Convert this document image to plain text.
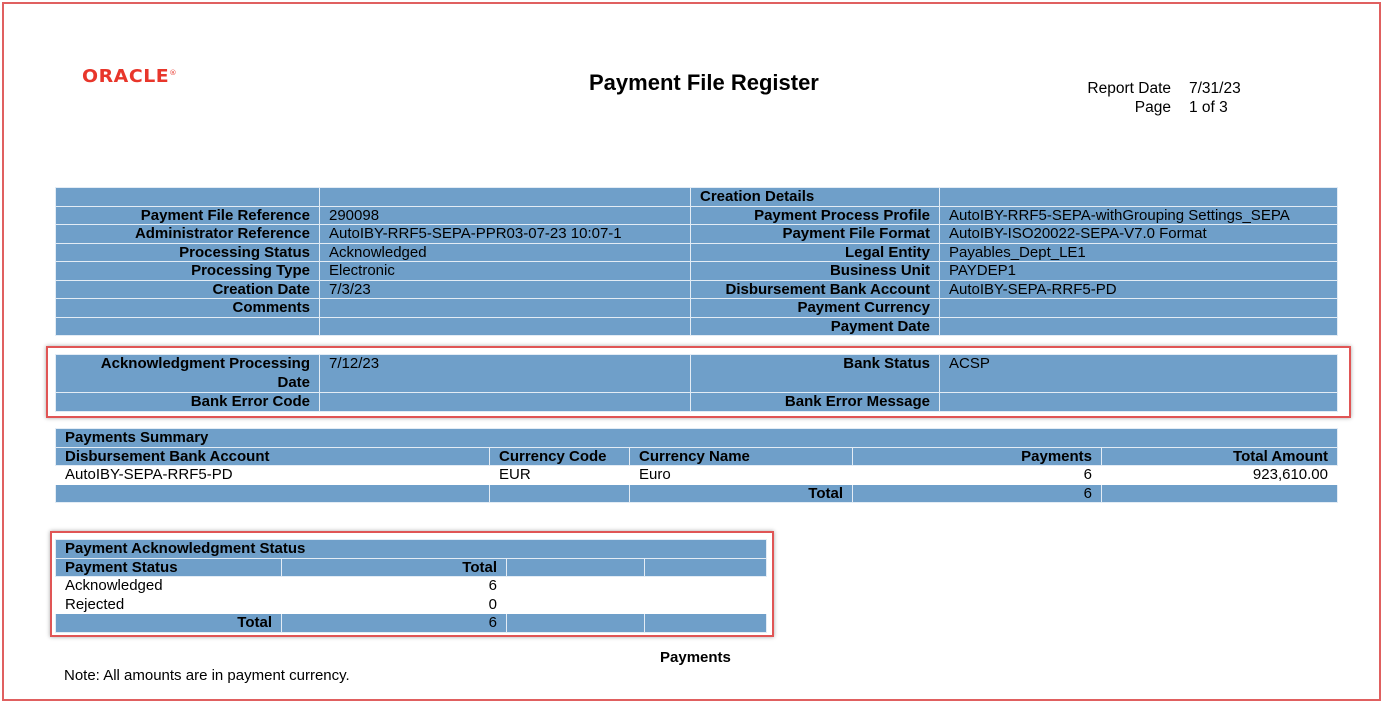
ORACLE®	Payment File Register	Report Date 7/31/23
Page 1 of 3
		Creation Details	
Payment File Reference	290098	Payment Process Profile	AutoIBY-RRF5-SEPA-withGrouping Settings_SEPA
Administrator Reference	AutoIBY-RRF5-SEPA-PPR03-07-23 10:07-1	Payment File Format	AutoIBY-ISO20022-SEPA-V7.0 Format
Processing Status	Acknowledged	Legal Entity	Payables_Dept_LE1
Processing Type	Electronic	Business Unit	PAYDEP1
Creation Date	7/3/23	Disbursement Bank Account	AutoIBY-SEPA-RRF5-PD
Comments		Payment Currency	
		Payment Date	
Acknowledgment Processing
Date	7/12/23	Bank Status	ACSP
Bank Error Code		Bank Error Message	
Payments Summary				
Disbursement Bank Account	Currency Code	Currency Name	Payments	Total Amount
AutoIBY-SEPA-RRF5-PD	EUR	Euro	6	923,610.00
		Total	6	
Payment Acknowledgment Status			
Payment Status	Total		
Acknowledged	6		
Rejected	0		
Total	6		
Payments
Note: All amounts are in payment currency.
